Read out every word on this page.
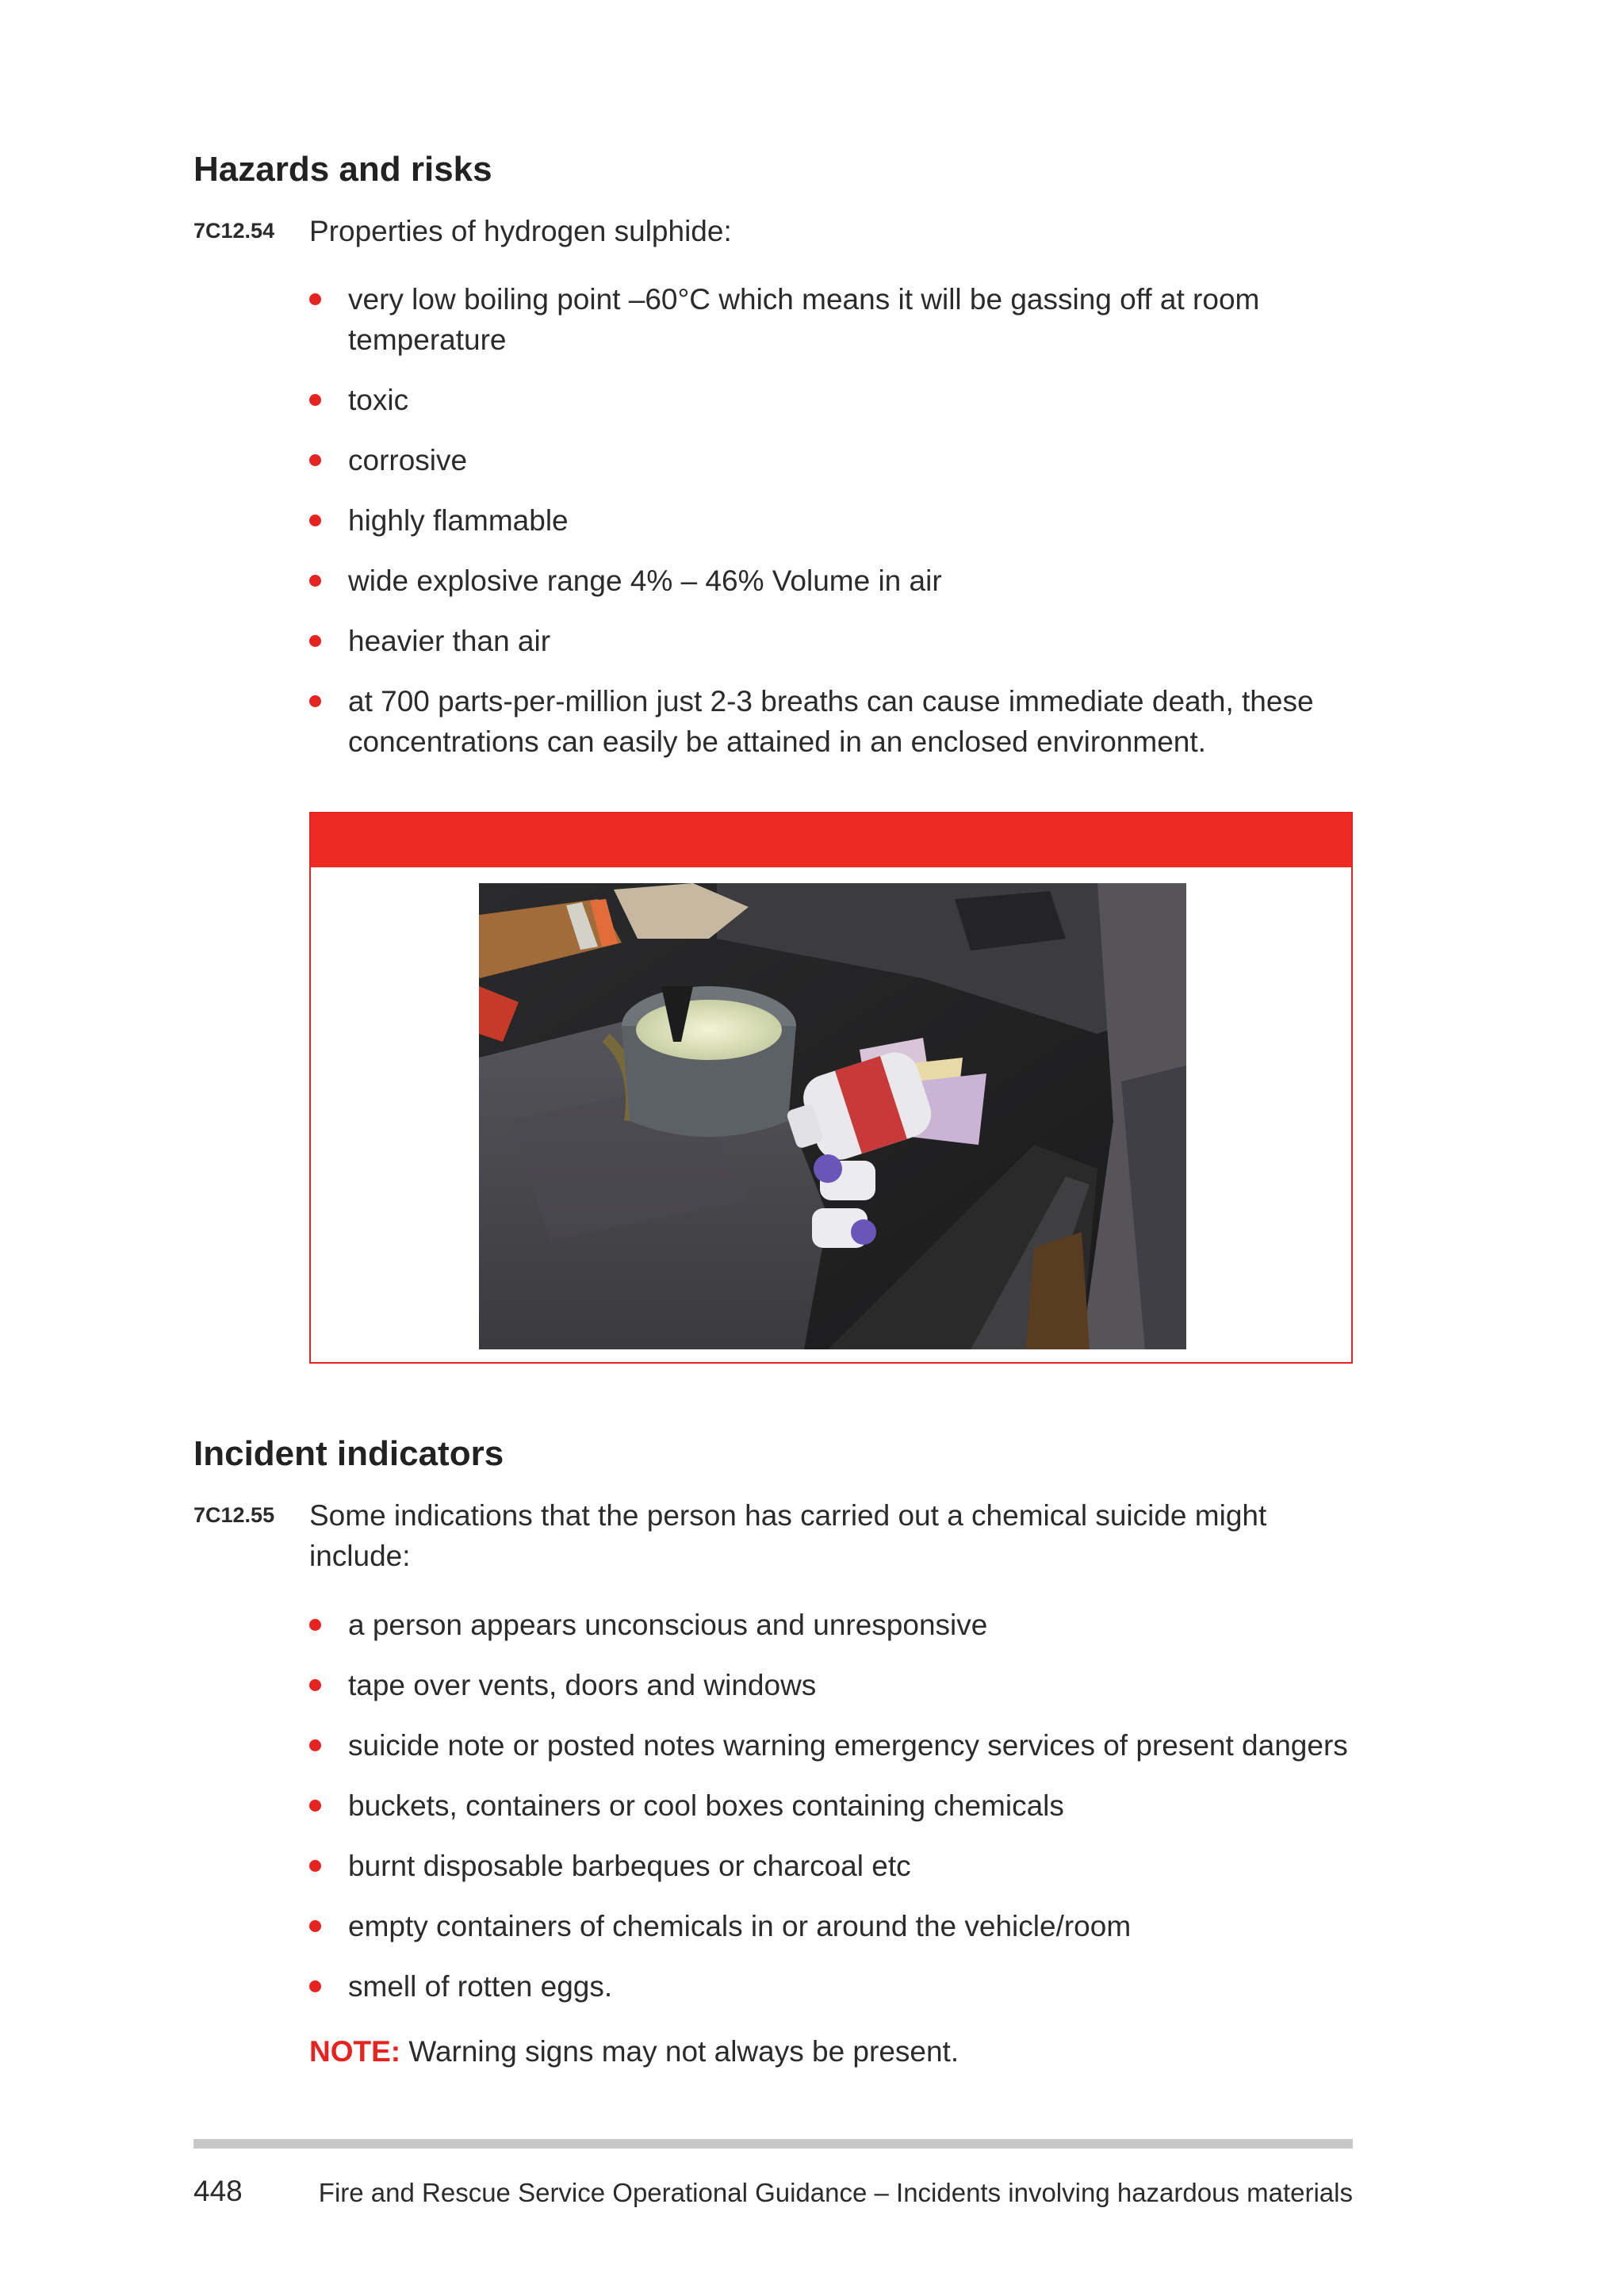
Hazards and risks
7C12.54 Properties of hydrogen sulphide:
very low boiling point –60°C which means it will be gassing off at room temperature
toxic
corrosive
highly flammable
wide explosive range 4% – 46% Volume in air
heavier than air
at 700 parts-per-million just 2-3 breaths can cause immediate death, these concentrations can easily be attained in an enclosed environment.
Incident indicators
7C12.55 Some indications that the person has carried out a chemical suicide might include:
a person appears unconscious and unresponsive
tape over vents, doors and windows
suicide note or posted notes warning emergency services of present dangers
buckets, containers or cool boxes containing chemicals
burnt disposable barbeques or charcoal etc
empty containers of chemicals in or around the vehicle/room
smell of rotten eggs.
NOTE: Warning signs may not always be present.
448	Fire and Rescue Service Operational Guidance – Incidents involving hazardous materials
